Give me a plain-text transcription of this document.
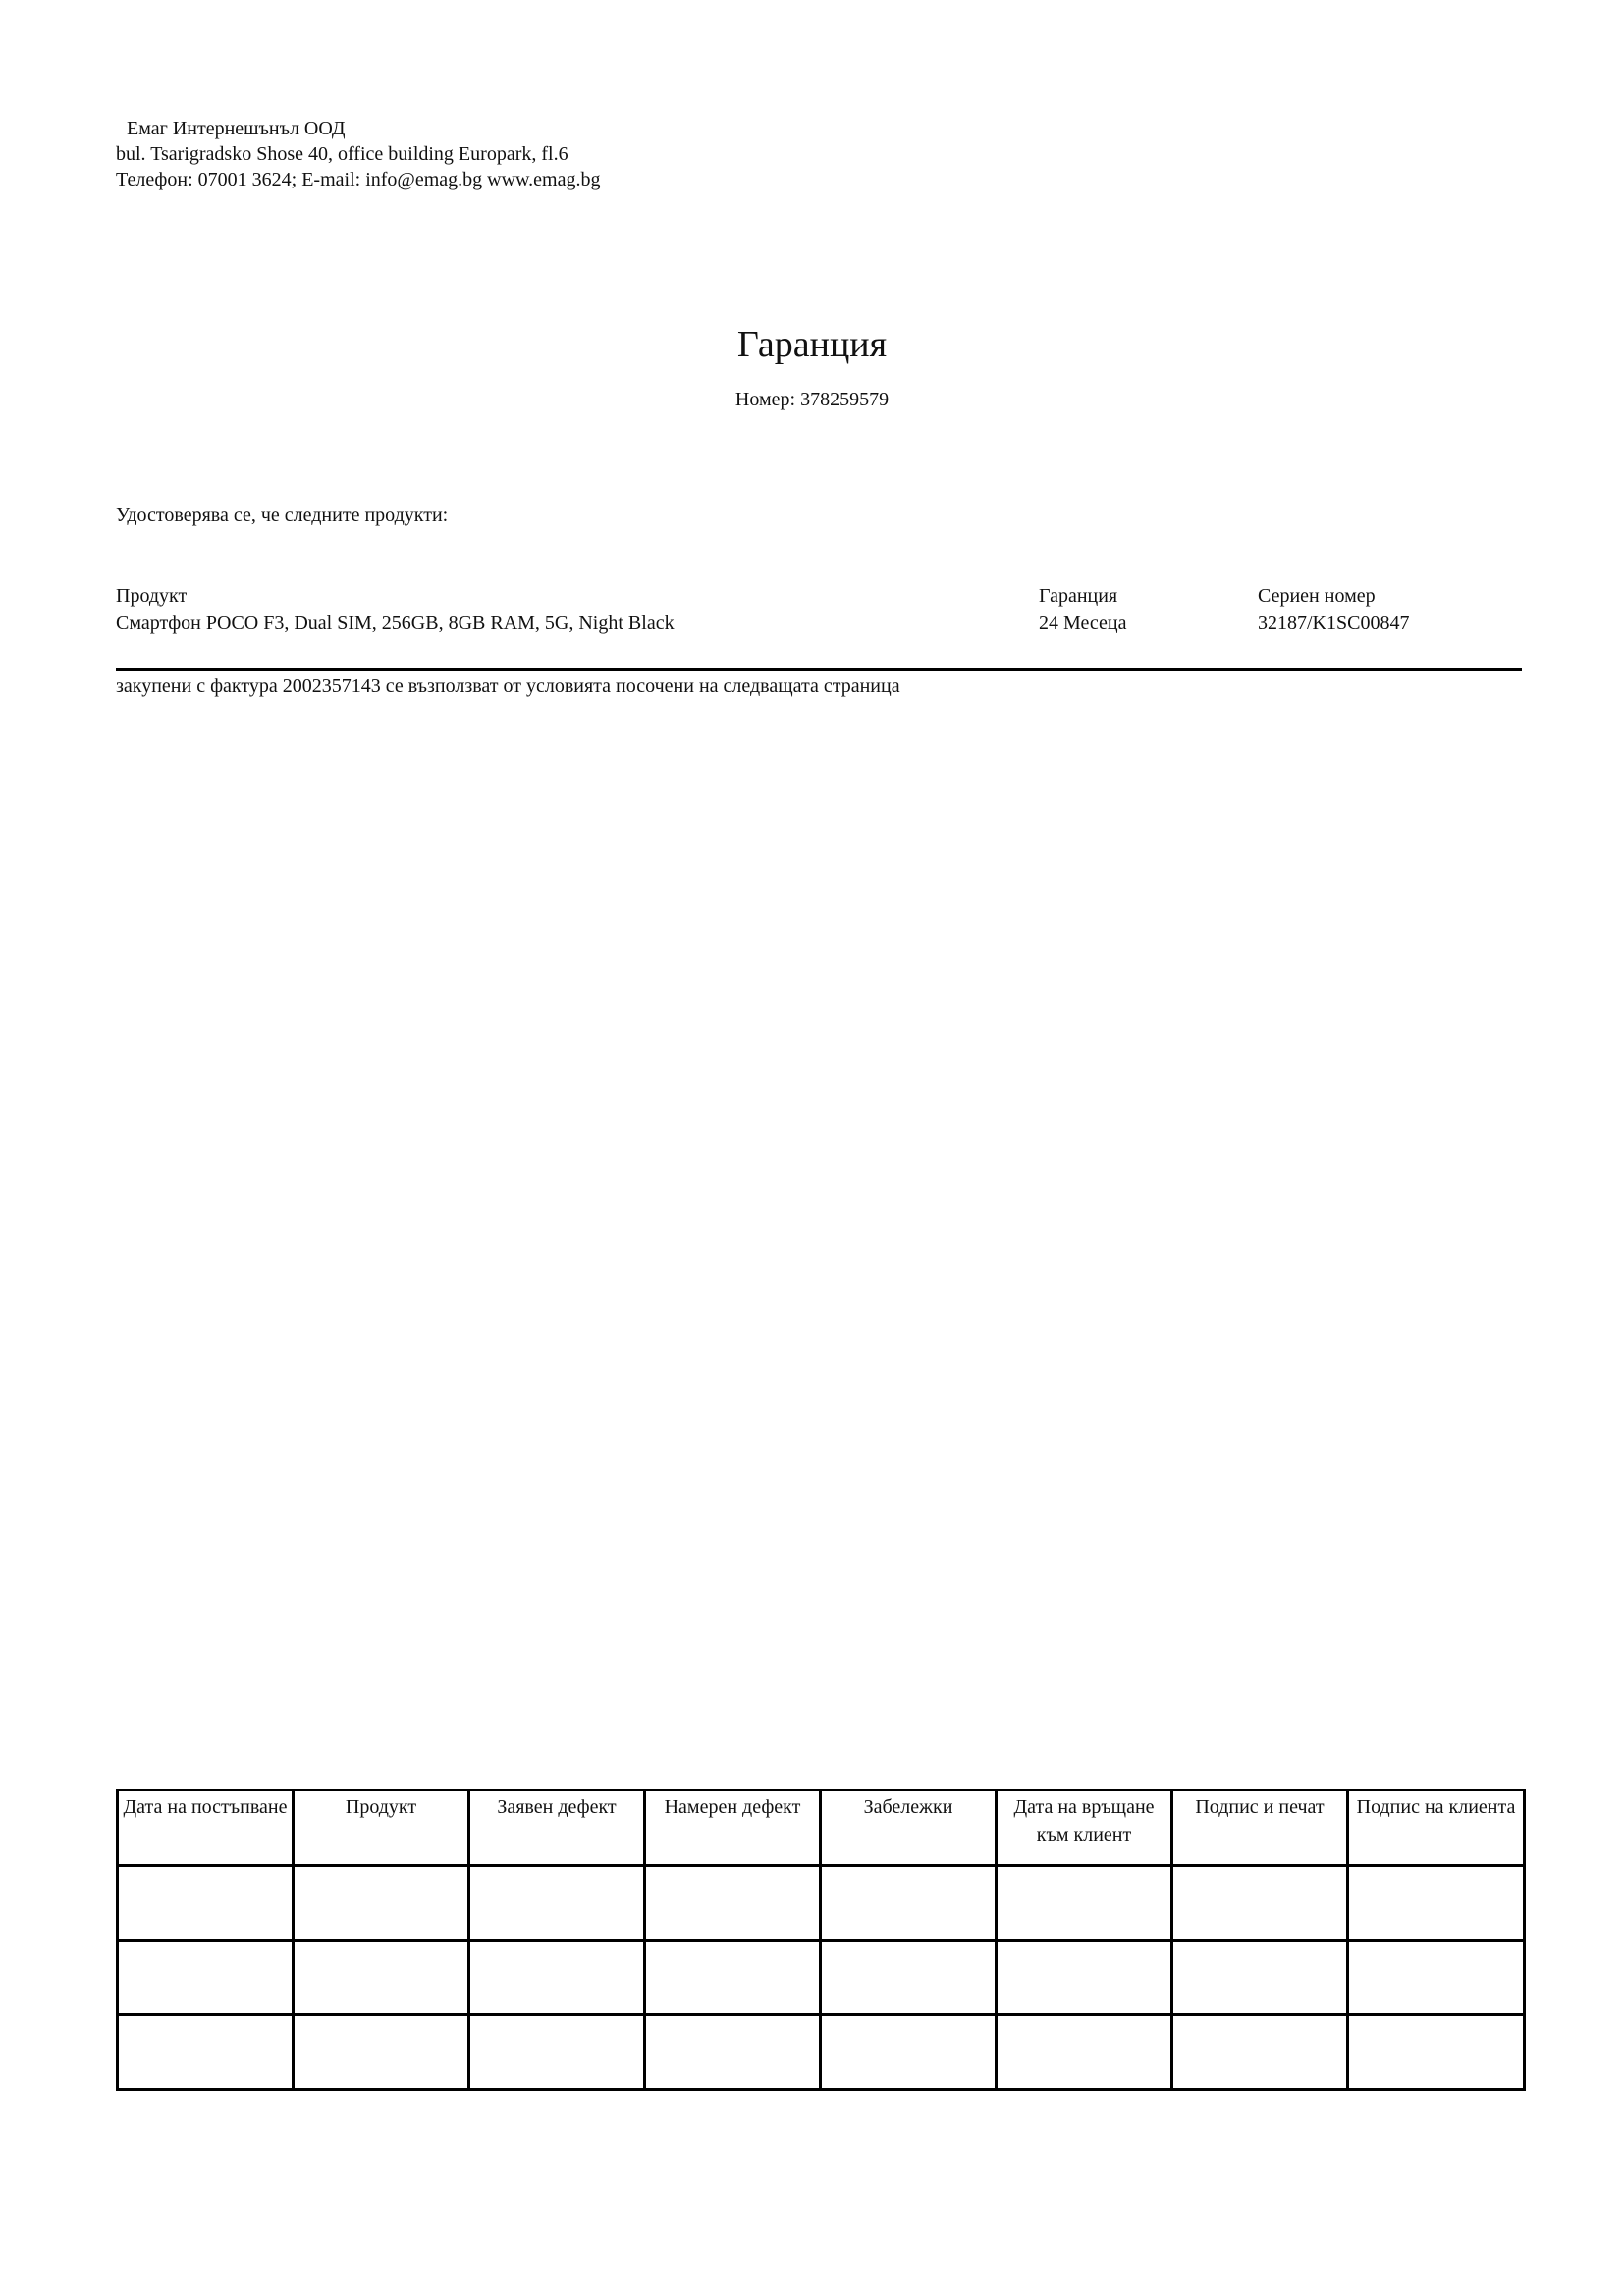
Емаг Интернешънъл ООД
bul. Tsarigradsko Shose 40, office building Europark, fl.6
Телефон: 07001 3624; E-mail: info@emag.bg www.emag.bg
Гаранция
Номер: 378259579
Удостоверява се, че следните продукти:
Продукт	Гаранция	Сериен номер
Смартфон POCO F3, Dual SIM, 256GB, 8GB RAM, 5G, Night Black	24 Месеца	32187/K1SC00847
закупени с фактура 2002357143 се възползват от условията посочени на следващата страница
Дата на постъпване	Продукт	Заявен дефект	Намерен дефект	Забележки	Дата на връщане към клиент	Подпис и печат	Подпис на клиента
